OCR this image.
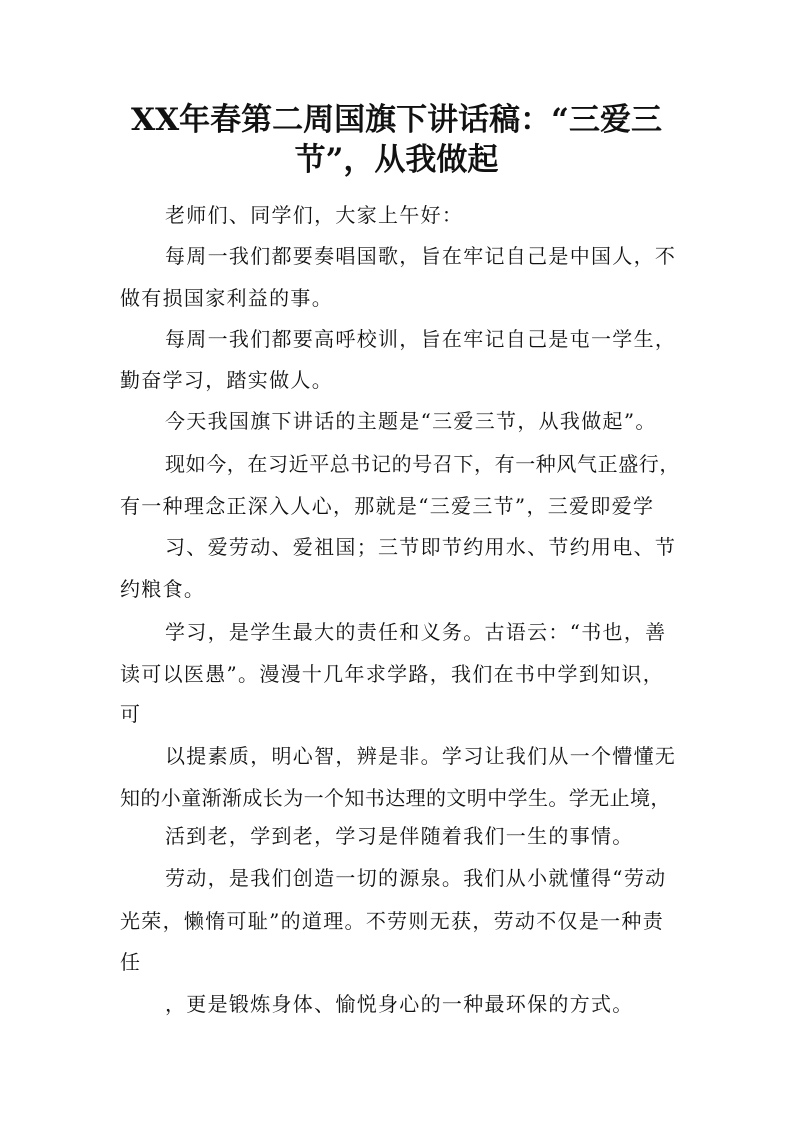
XX年春第二周国旗下讲话稿：“三爱三
节”，从我做起
老师们、同学们，大家上午好：
每周一我们都要奏唱国歌，旨在牢记自己是中国人，不
做有损国家利益的事。
每周一我们都要高呼校训，旨在牢记自己是屯一学生，
勤奋学习，踏实做人。
今天我国旗下讲话的主题是“三爱三节，从我做起”。
现如今，在习近平总书记的号召下，有一种风气正盛行，
有一种理念正深入人心，那就是“三爱三节”，三爱即爱学
习、爱劳动、爱祖国；三节即节约用水、节约用电、节
约粮食。
学习，是学生最大的责任和义务。古语云：“书也，善
读可以医愚”。漫漫十几年求学路，我们在书中学到知识，
可
以提素质，明心智，辨是非。学习让我们从一个懵懂无
知的小童渐渐成长为一个知书达理的文明中学生。学无止境，
活到老，学到老，学习是伴随着我们一生的事情。
劳动，是我们创造一切的源泉。我们从小就懂得“劳动
光荣，懒惰可耻”的道理。不劳则无获，劳动不仅是一种责
任
，更是锻炼身体、愉悦身心的一种最环保的方式。
